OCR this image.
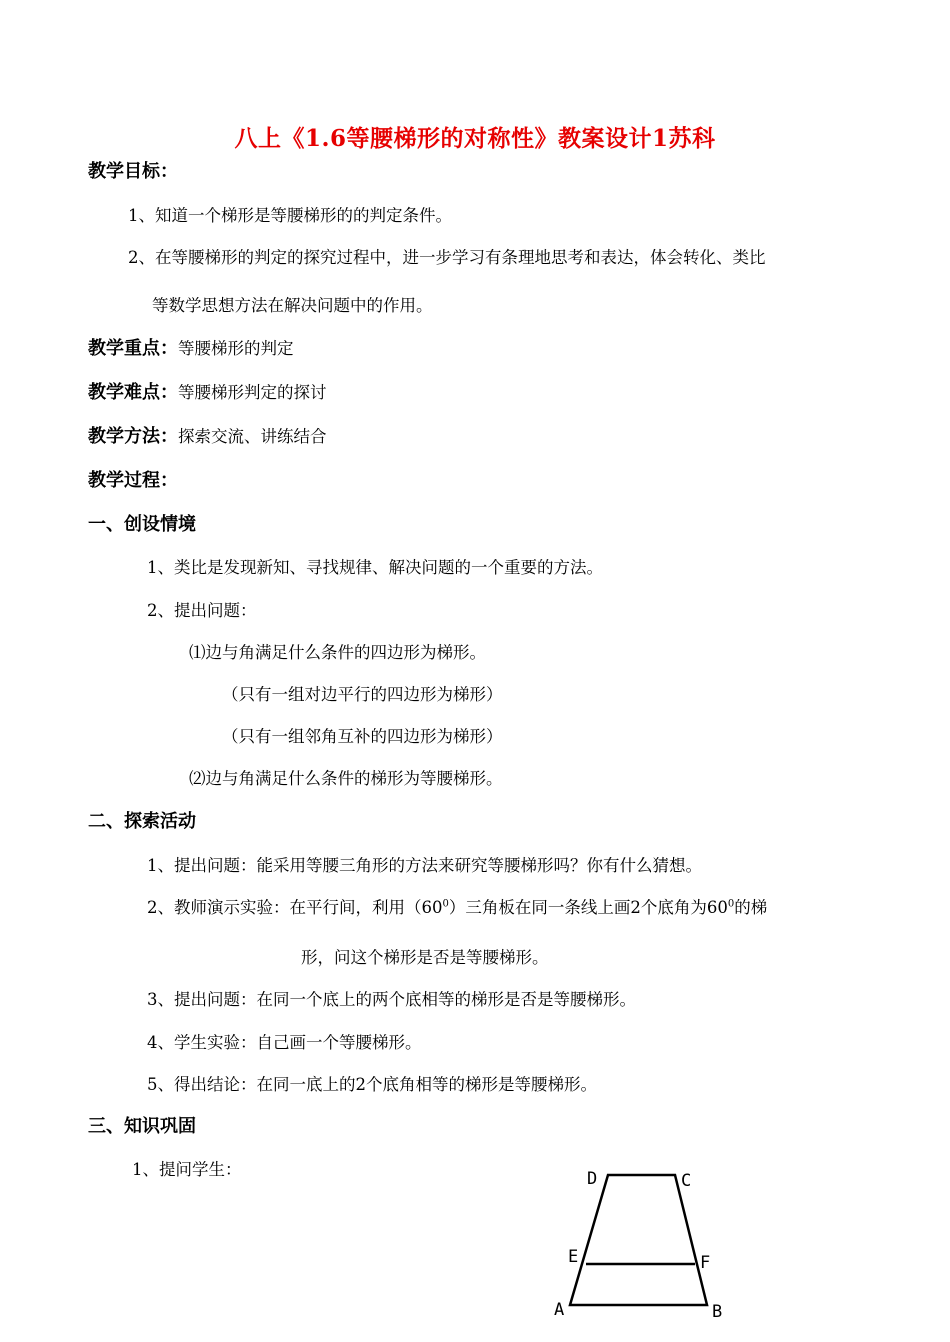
八上《1.6等腰梯形的对称性》教案设计1苏科
教学目标：
1、知道一个梯形是等腰梯形的的判定条件。
2、在等腰梯形的判定的探究过程中，进一步学习有条理地思考和表达，体会转化、类比
等数学思想方法在解决问题中的作用。
教学重点：等腰梯形的判定
教学难点：等腰梯形判定的探讨
教学方法：探索交流、讲练结合
教学过程：
一、创设情境
1、类比是发现新知、寻找规律、解决问题的一个重要的方法。
2、提出问题：
⑴边与角满足什么条件的四边形为梯形。
（只有一组对边平行的四边形为梯形）
（只有一组邻角互补的四边形为梯形）
⑵边与角满足什么条件的梯形为等腰梯形。
二、探索活动
1、提出问题：能采用等腰三角形的方法来研究等腰梯形吗？你有什么猜想。
2、教师演示实验：在平行间，利用$(60^0)$三角板在同一条线上画2个底角为$60^0$的梯
形，问这个梯形是否是等腰梯形。
3、提出问题：在同一个底上的两个底相等的梯形是否是等腰梯形。
4、学生实验：自己画一个等腰梯形。
5、得出结论：在同一底上的2个底角相等的梯形是等腰梯形。
三、知识巩固
1、提问学生：	D	C
E	F
A	B
